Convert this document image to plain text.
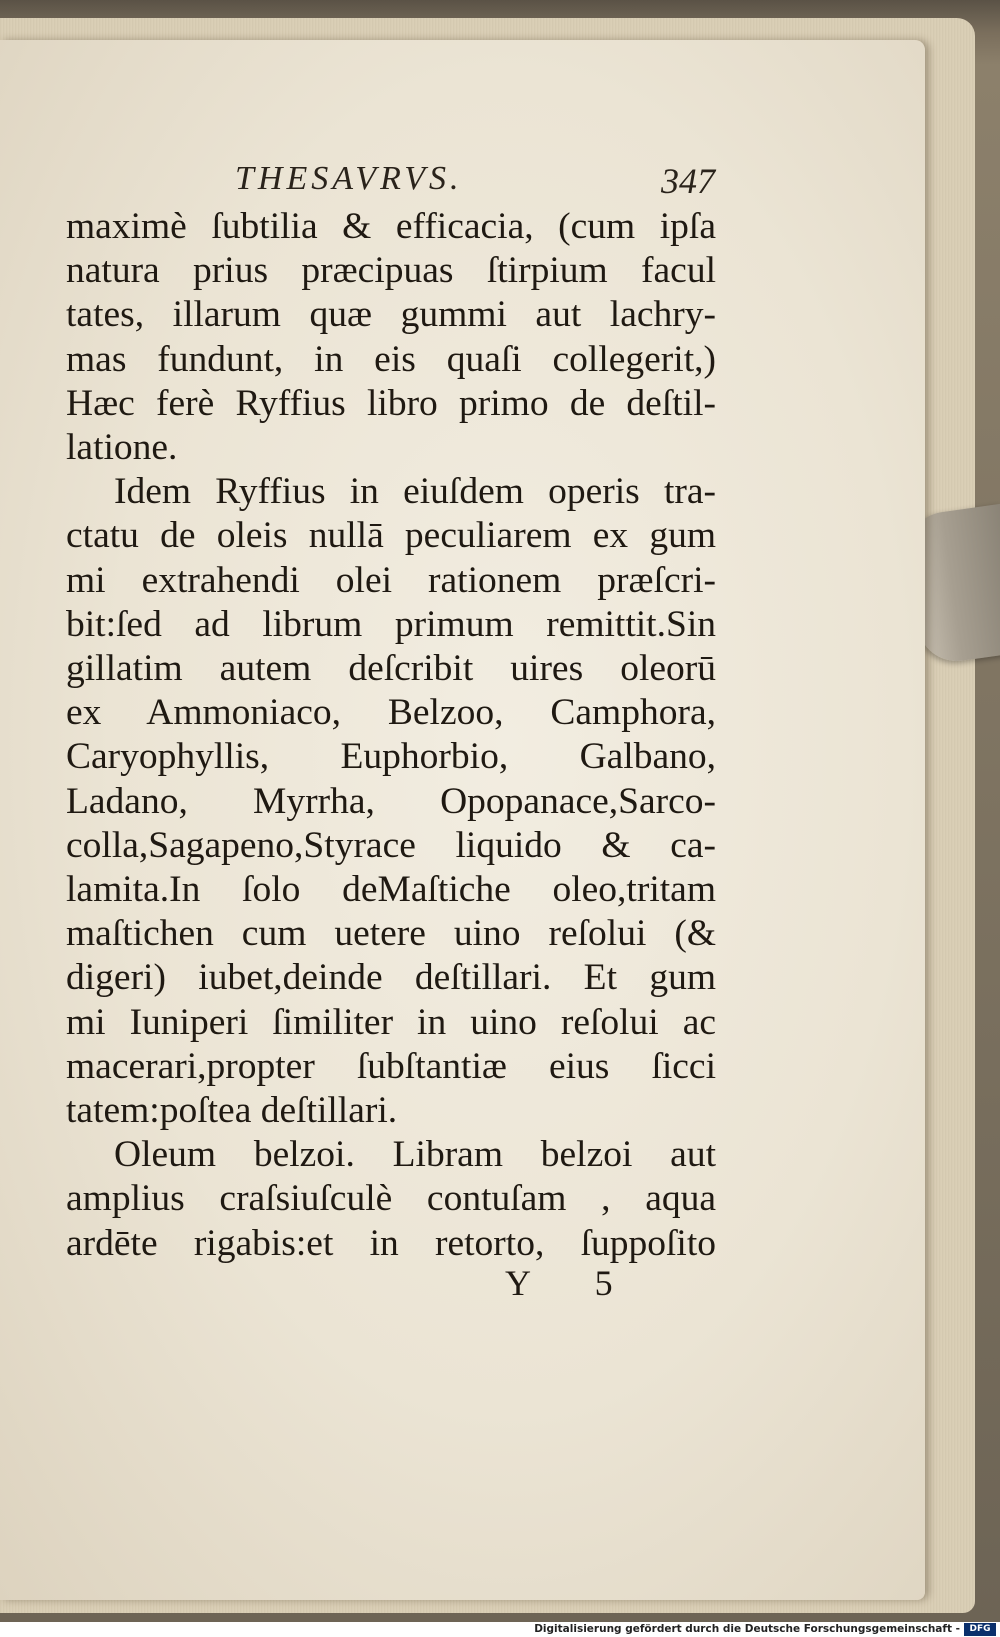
THESAVRVS.	347
maximè ſubtilia & efficacia, (cum ipſa
natura prius præcipuas ſtirpium facul
tates, illarum quæ gummi aut lachry-
mas fundunt, in eis quaſi collegerit,)
Hæc ferè Ryffius libro primo de deſtil-
latione.
Idem Ryffius in eiuſdem operis tra-
ctatu de oleis nullā peculiarem ex gum
mi extrahendi olei rationem præſcri-
bit:ſed ad librum primum remittit.Sin
gillatim autem deſcribit uires oleorū
ex Ammoniaco, Belzoo, Camphora,
Caryophyllis, Euphorbio, Galbano,
Ladano, Myrrha, Opopanace,Sarco-
colla,Sagapeno,Styrace liquido & ca-
lamita.In ſolo deMaſtiche oleo,tritam
maſtichen cum uetere uino reſolui (&
digeri) iubet,deinde deſtillari. Et gum
mi Iuniperi ſimiliter in uino reſolui ac
macerari,propter ſubſtantiæ eius ſicci
tatem:poſtea deſtillari.
Oleum belzoi. Libram belzoi aut
amplius craſsiuſculè contuſam , aqua
ardēte rigabis:et in retorto, ſuppoſito
Y 5
Digitalisierung gefördert durch die Deutsche Forschungsgemeinschaft -	DFG
